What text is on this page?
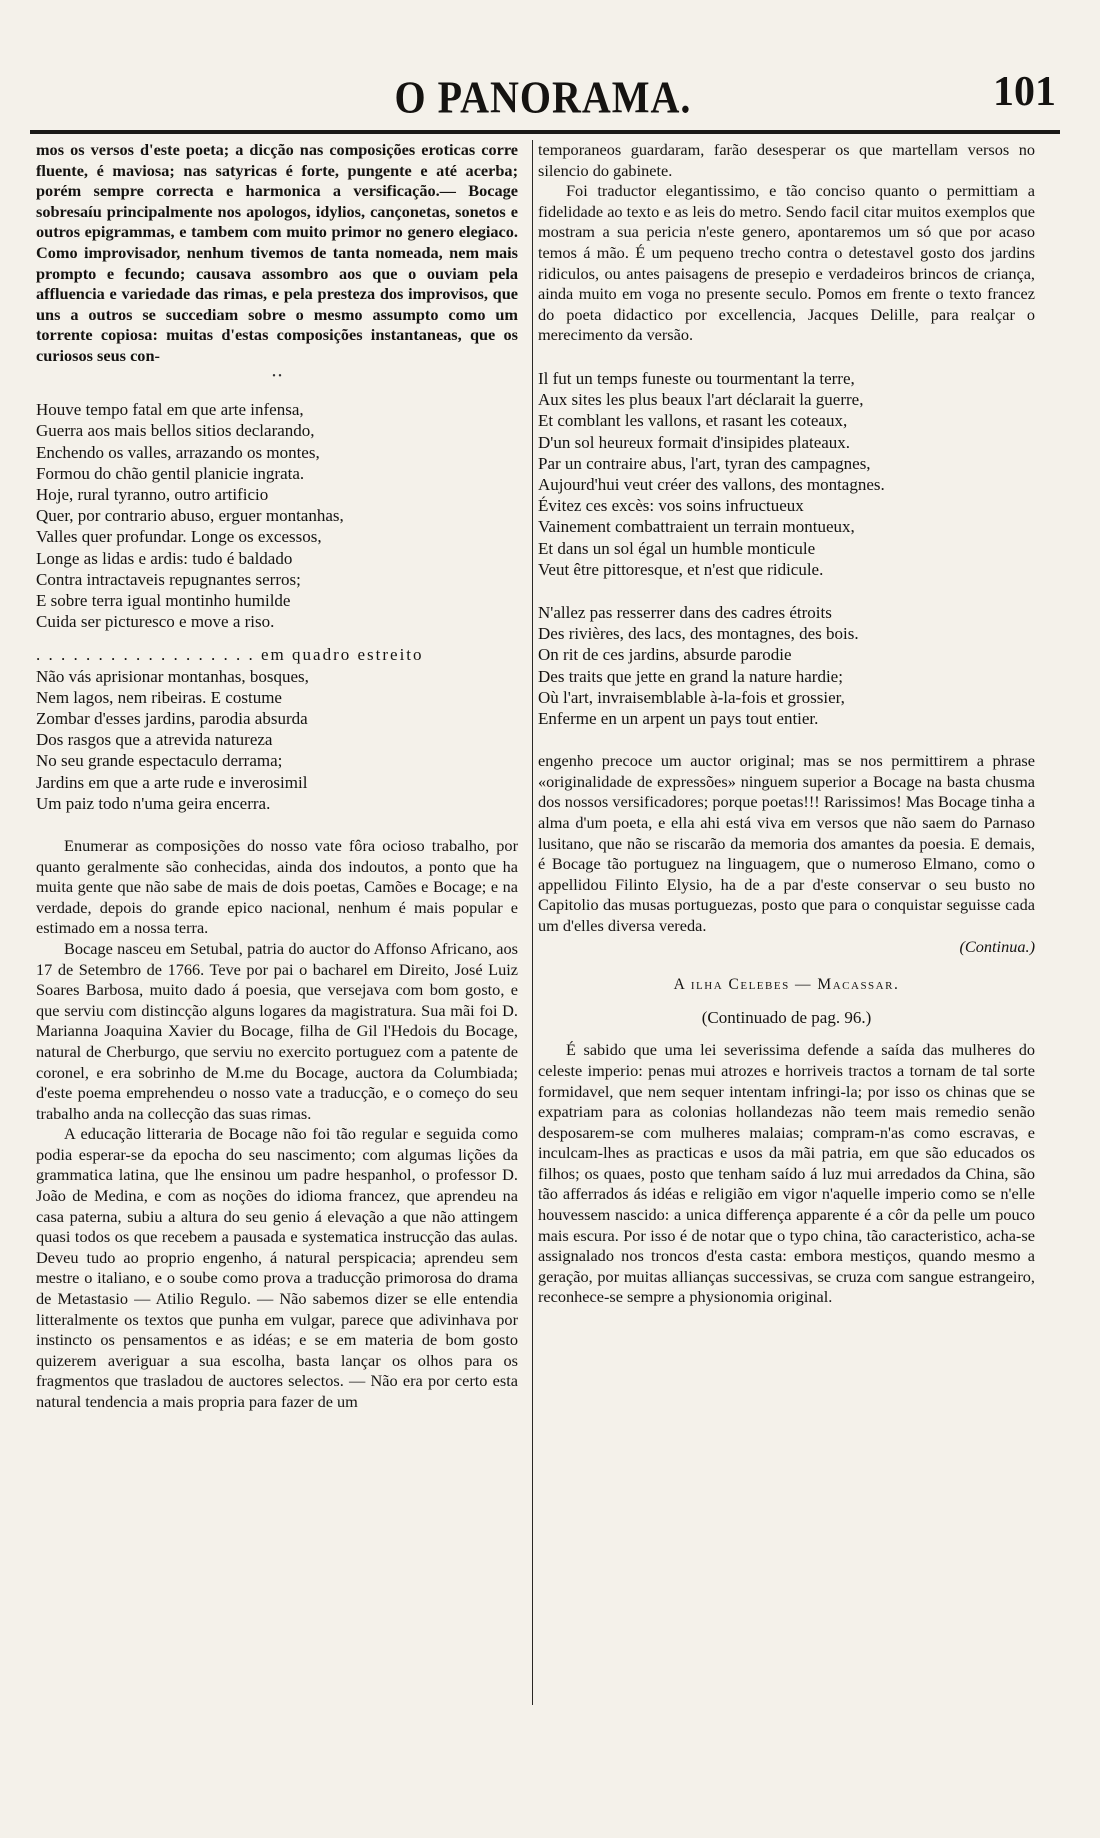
O PANORAMA.	101

mos os versos d'este poeta; a dicção nas composições eroticas corre fluente, é maviosa; nas satyricas é forte, pungente e até acerba; porém sempre correcta e harmonica a versificação.— Bocage sobresaíu principalmente nos apologos, idylios, cançonetas, sonetos e outros epigrammas, e tambem com muito primor no genero elegiaco. Como improvisador, nenhum tivemos de tanta nomeada, nem mais prompto e fecundo; causava assombro aos que o ouviam pela affluencia e variedade das rimas, e pela presteza dos improvisos, que uns a outros se succediam sobre o mesmo assumpto como um torrente copiosa: muitas d'estas composições instantaneas, que os curiosos seus con-

• •
Houve tempo fatal em que arte infensa,
Guerra aos mais bellos sitios declarando,
Enchendo os valles, arrazando os montes,
Formou do chão gentil planicie ingrata.
Hoje, rural tyranno, outro artificio
Quer, por contrario abuso, erguer montanhas,
Valles quer profundar. Longe os excessos,
Longe as lidas e ardis: tudo é baldado
Contra intractaveis repugnantes serros;
E sobre terra igual montinho humilde
Cuida ser picturesco e move a riso.
. . . . . . . . . . . . . . . . . . em quadro estreito
Não vás aprisionar montanhas, bosques,
Nem lagos, nem ribeiras. E costume
Zombar d'esses jardins, parodia absurda
Dos rasgos que a atrevida natureza
No seu grande espectaculo derrama;
Jardins em que a arte rude e inverosimil
Um paiz todo n'uma geira encerra.

Enumerar as composições do nosso vate fôra ocioso trabalho, por quanto geralmente são conhecidas, ainda dos indoutos, a ponto que ha muita gente que não sabe de mais de dois poetas, Camões e Bocage; e na verdade, depois do grande epico nacional, nenhum é mais popular e estimado em a nossa terra.

Bocage nasceu em Setubal, patria do auctor do Affonso Africano, aos 17 de Setembro de 1766. Teve por pai o bacharel em Direito, José Luiz Soares Barbosa, muito dado á poesia, que versejava com bom gosto, e que serviu com distincção alguns logares da magistratura. Sua mãi foi D. Marianna Joaquina Xavier du Bocage, filha de Gil l'Hedois du Bocage, natural de Cherburgo, que serviu no exercito portuguez com a patente de coronel, e era sobrinho de M.me du Bocage, auctora da Columbiada; d'este poema emprehendeu o nosso vate a traducção, e o começo do seu trabalho anda na collecção das suas rimas.

A educação litteraria de Bocage não foi tão regular e seguida como podia esperar-se da epocha do seu nascimento; com algumas lições da grammatica latina, que lhe ensinou um padre hespanhol, o professor D. João de Medina, e com as noções do idioma francez, que aprendeu na casa paterna, subiu a altura do seu genio á elevação a que não attingem quasi todos os que recebem a pausada e systematica instrucção das aulas. Deveu tudo ao proprio engenho, á natural perspicacia; aprendeu sem mestre o italiano, e o soube como prova a traducção primorosa do drama de Metastasio — Atilio Regulo. — Não sabemos dizer se elle entendia litteralmente os textos que punha em vulgar, parece que adivinhava por instincto os pensamentos e as idéas; e se em materia de bom gosto quizerem averiguar a sua escolha, basta lançar os olhos para os fragmentos que trasladou de auctores selectos. — Não era por certo esta natural tendencia a mais propria para fazer de um

temporaneos guardaram, farão desesperar os que martellam versos no silencio do gabinete.

Foi traductor elegantissimo, e tão conciso quanto o permittiam a fidelidade ao texto e as leis do metro. Sendo facil citar muitos exemplos que mostram a sua pericia n'este genero, apontaremos um só que por acaso temos á mão. É um pequeno trecho contra o detestavel gosto dos jardins ridiculos, ou antes paisagens de presepio e verdadeiros brincos de criança, ainda muito em voga no presente seculo. Pomos em frente o texto francez do poeta didactico por excellencia, Jacques Delille, para realçar o merecimento da versão.

Il fut un temps funeste ou tourmentant la terre,
Aux sites les plus beaux l'art déclarait la guerre,
Et comblant les vallons, et rasant les coteaux,
D'un sol heureux formait d'insipides plateaux.
Par un contraire abus, l'art, tyran des campagnes,
Aujourd'hui veut créer des vallons, des montagnes.
Évitez ces excès: vos soins infructueux
Vainement combattraient un terrain montueux,
Et dans un sol égal un humble monticule
Veut être pittoresque, et n'est que ridicule.
N'allez pas resserrer dans des cadres étroits
Des rivières, des lacs, des montagnes, des bois.
On rit de ces jardins, absurde parodie
Des traits que jette en grand la nature hardie;
Où l'art, invraisemblable à-la-fois et grossier,
Enferme en un arpent un pays tout entier.

engenho precoce um auctor original; mas se nos permittirem a phrase «originalidade de expressões» ninguem superior a Bocage na basta chusma dos nossos versificadores; porque poetas!!! Rarissimos! Mas Bocage tinha a alma d'um poeta, e ella ahi está viva em versos que não saem do Parnaso lusitano, que não se riscarão da memoria dos amantes da poesia. E demais, é Bocage tão portuguez na linguagem, que o numeroso Elmano, como o appellidou Filinto Elysio, ha de a par d'este conservar o seu busto no Capitolio das musas portuguezas, posto que para o conquistar seguisse cada um d'elles diversa vereda.

(Continua.)
A ilha Celebes — Macassar.
(Continuado de pag. 96.)

É sabido que uma lei severissima defende a saída das mulheres do celeste imperio: penas mui atrozes e horriveis tractos a tornam de tal sorte formidavel, que nem sequer intentam infringi-la; por isso os chinas que se expatriam para as colonias hollandezas não teem mais remedio senão desposarem-se com mulheres malaias; compram-n'as como escravas, e inculcam-lhes as practicas e usos da mãi patria, em que são educados os filhos; os quaes, posto que tenham saído á luz mui arredados da China, são tão afferrados ás idéas e religião em vigor n'aquelle imperio como se n'elle houvessem nascido: a unica differença apparente é a côr da pelle um pouco mais escura. Por isso é de notar que o typo china, tão caracteristico, acha-se assignalado nos troncos d'esta casta: embora mestiços, quando mesmo a geração, por muitas allianças successivas, se cruza com sangue estrangeiro, reconhece-se sempre a physionomia original.
